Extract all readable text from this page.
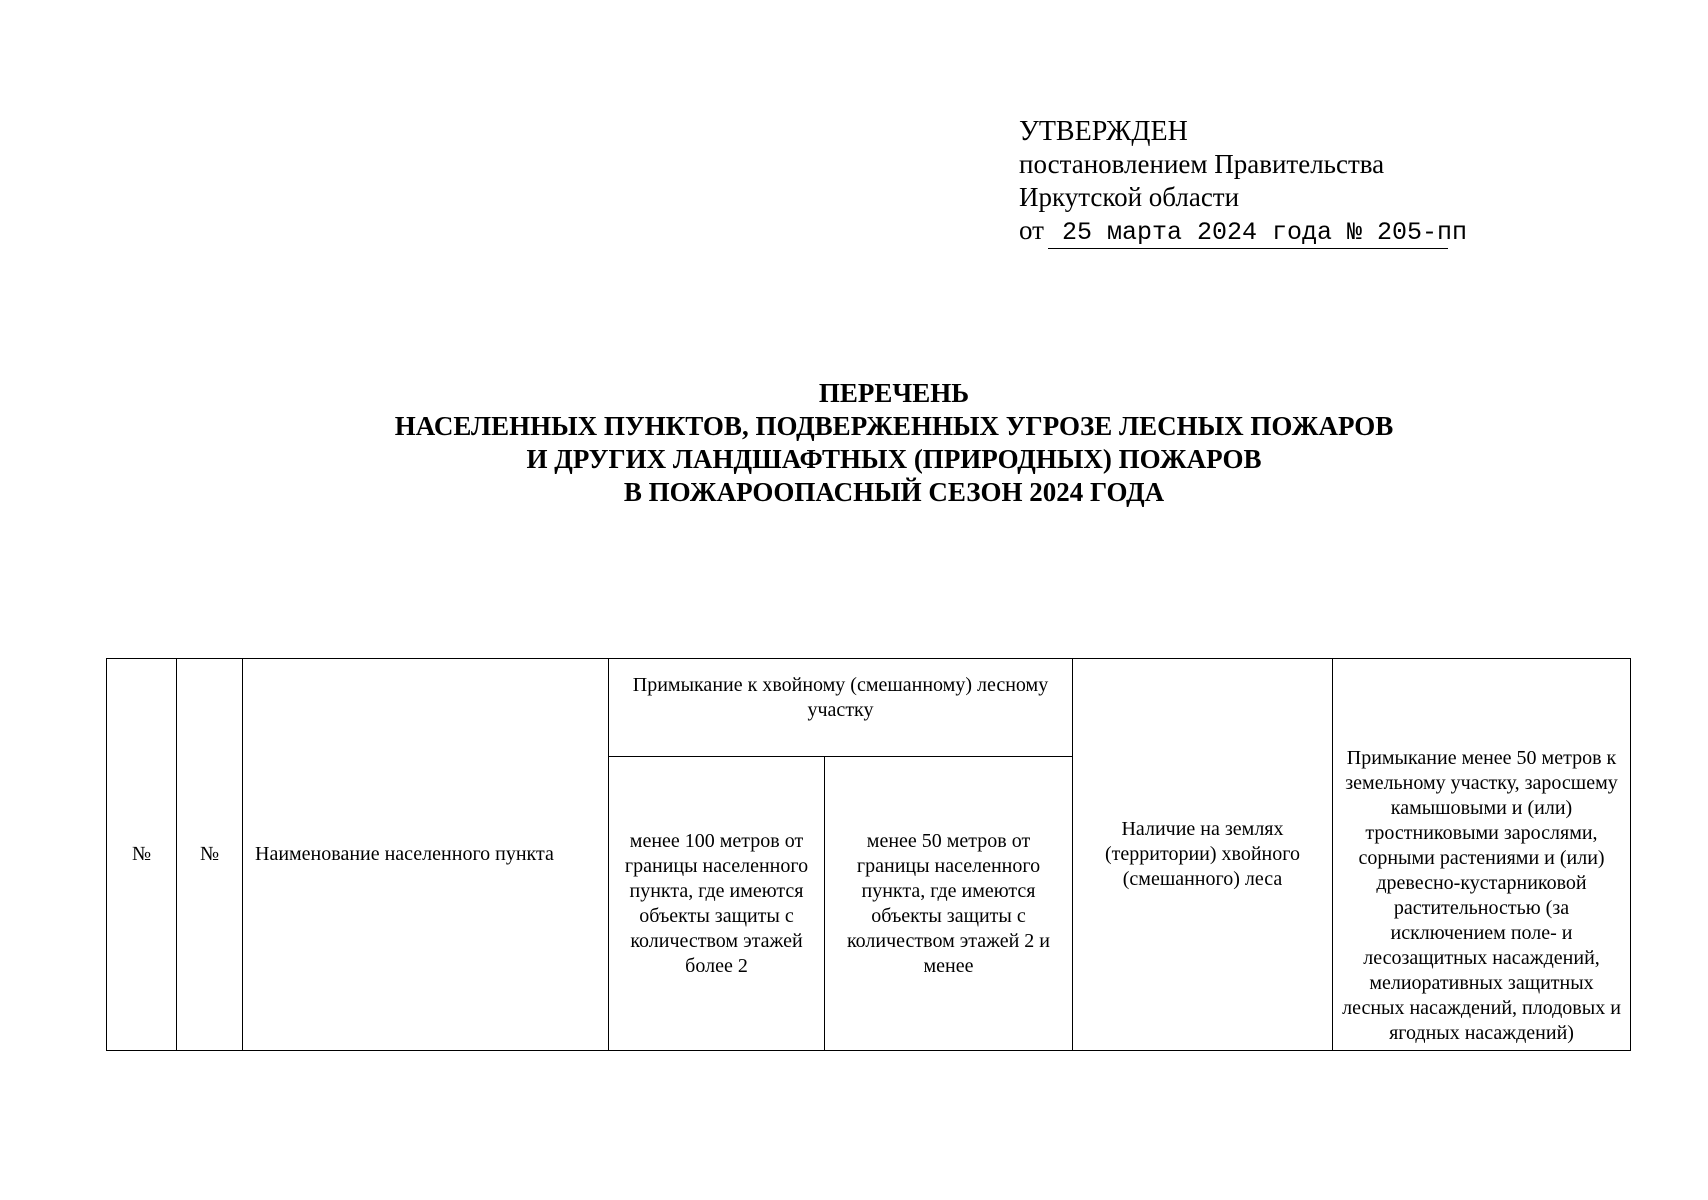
УТВЕРЖДЕН
постановлением Правительства
Иркутской области
от 25 марта 2024 года № 205-пп
ПЕРЕЧЕНЬ
НАСЕЛЕННЫХ ПУНКТОВ, ПОДВЕРЖЕННЫХ УГРОЗЕ ЛЕСНЫХ ПОЖАРОВ
И ДРУГИХ ЛАНДШАФТНЫХ (ПРИРОДНЫХ) ПОЖАРОВ
В ПОЖАРООПАСНЫЙ СЕЗОН 2024 ГОДА
№	№	Наименование населенного пункта	Примыкание к хвойному (смешанному) лесному участку		Наличие на землях (территории) хвойного (смешанного) леса	Примыкание менее 50 метров к земельному участку, заросшему камышовыми и (или) тростниковыми зарослями, сорными растениями и (или) древесно-кустарниковой растительностью (за исключением поле- и лесозащитных насаждений, мелиоративных защитных лесных насаждений, плодовых и ягодных насаждений)
			менее 100 метров от границы населенного пункта, где имеются объекты защиты с количеством этажей более 2	менее 50 метров от границы населенного пункта, где имеются объекты защиты с количеством этажей 2 и менее		
